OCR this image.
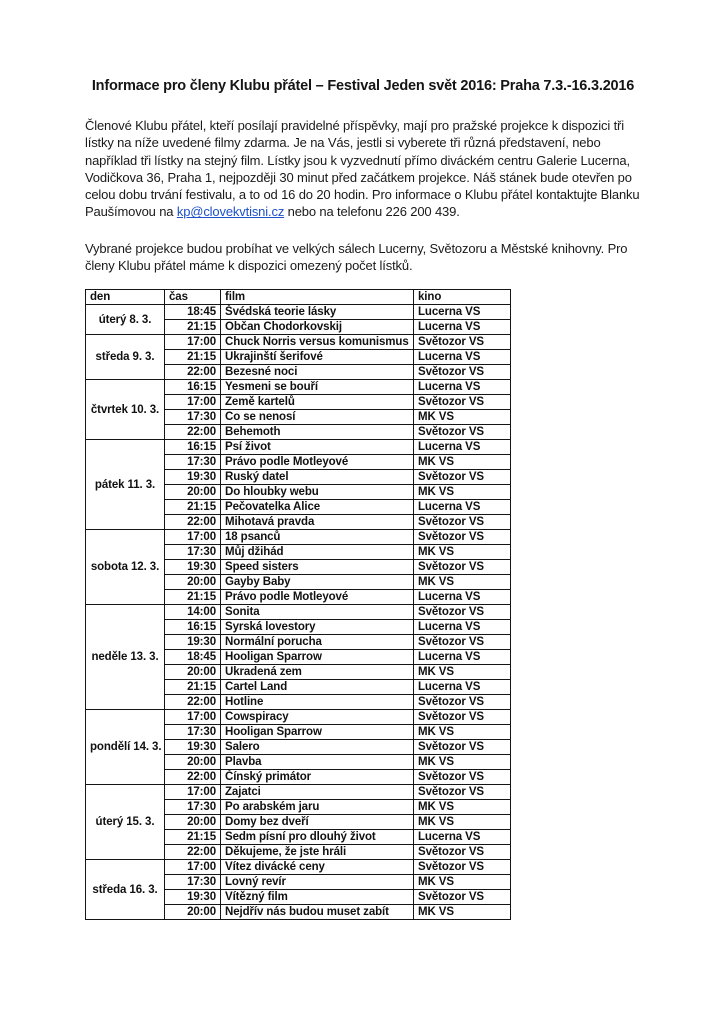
Informace pro členy Klubu přátel – Festival Jeden svět 2016: Praha 7.3.-16.3.2016

Členové Klubu přátel, kteří posílají pravidelné příspěvky, mají pro pražské projekce k dispozici tři lístky na níže uvedené filmy zdarma. Je na Vás, jestli si vyberete tři různá představení, nebo například tři lístky na stejný film. Lístky jsou k vyzvednutí přímo diváckém centru Galerie Lucerna, Vodičkova 36, Praha 1, nejpozději 30 minut před začátkem projekce. Náš stánek bude otevřen po celou dobu trvání festivalu, a to od 16 do 20 hodin. Pro informace o Klubu přátel kontaktujte Blanku Paušímovou na kp@clovekvtisni.cz nebo na telefonu 226 200 439.

Vybrané projekce budou probíhat ve velkých sálech Lucerny, Světozoru a Městské knihovny. Pro členy Klubu přátel máme k dispozici omezený počet lístků.

den	čas	film	kino
úterý 8. 3.	18:45	Švédská teorie lásky	Lucerna VS
	21:15	Občan Chodorkovskij	Lucerna VS
středa 9. 3.	17:00	Chuck Norris versus komunismus	Světozor VS
	21:15	Ukrajinští šerifové	Lucerna VS
	22:00	Bezesné noci	Světozor VS
čtvrtek 10. 3.	16:15	Yesmeni se bouří	Lucerna VS
	17:00	Země kartelů	Světozor VS
	17:30	Co se nenosí	MK VS
	22:00	Behemoth	Světozor VS
pátek 11. 3.	16:15	Psí život	Lucerna VS
	17:30	Právo podle Motleyové	MK VS
	19:30	Ruský datel	Světozor VS
	20:00	Do hloubky webu	MK VS
	21:15	Pečovatelka Alice	Lucerna VS
	22:00	Mihotavá pravda	Světozor VS
sobota 12. 3.	17:00	18 psanců	Světozor VS
	17:30	Můj džihád	MK VS
	19:30	Speed sisters	Světozor VS
	20:00	Gayby Baby	MK VS
	21:15	Právo podle Motleyové	Lucerna VS
neděle 13. 3.	14:00	Sonita	Světozor VS
	16:15	Syrská lovestory	Lucerna VS
	19:30	Normální porucha	Světozor VS
	18:45	Hooligan Sparrow	Lucerna VS
	20:00	Ukradená zem	MK VS
	21:15	Cartel Land	Lucerna VS
	22:00	Hotline	Světozor VS
pondělí 14. 3.	17:00	Cowspiracy	Světozor VS
	17:30	Hooligan Sparrow	MK VS
	19:30	Salero	Světozor VS
	20:00	Plavba	MK VS
	22:00	Čínský primátor	Světozor VS
úterý 15. 3.	17:00	Zajatci	Světozor VS
	17:30	Po arabském jaru	MK VS
	20:00	Domy bez dveří	MK VS
	21:15	Sedm písní pro dlouhý život	Lucerna VS
	22:00	Děkujeme, že jste hráli	Světozor VS
středa 16. 3.	17:00	Vítez divácké ceny	Světozor VS
	17:30	Lovný revír	MK VS
	19:30	Vítězný film	Světozor VS
	20:00	Nejdřív nás budou muset zabít	MK VS
